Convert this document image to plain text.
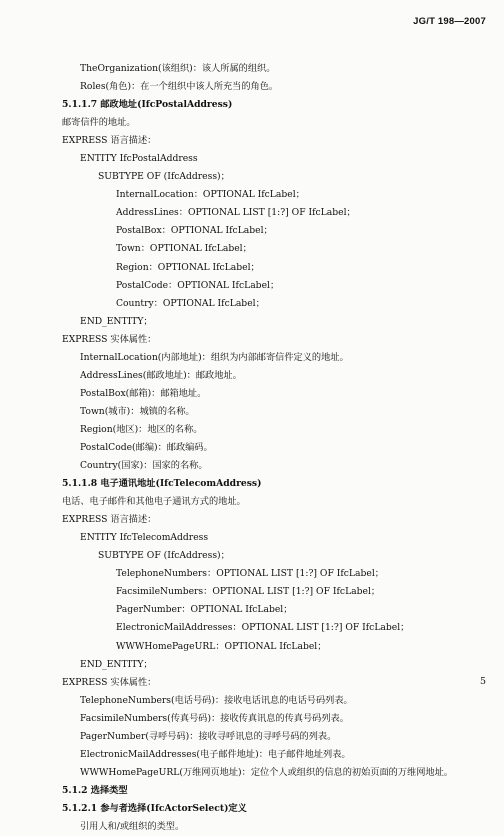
JG/T 198—2007
TheOrganization(该组织)：该人所属的组织。
Roles(角色)：在一个组织中该人所充当的角色。
5.1.1.7 邮政地址(IfcPostalAddress)
邮寄信件的地址。
EXPRESS 语言描述：
ENTITY IfcPostalAddress
SUBTYPE OF (IfcAddress)；
InternalLocation：OPTIONAL IfcLabel；
AddressLines：OPTIONAL LIST [1:?] OF IfcLabel；
PostalBox：OPTIONAL IfcLabel；
Town：OPTIONAL IfcLabel；
Region：OPTIONAL IfcLabel；
PostalCode：OPTIONAL IfcLabel；
Country：OPTIONAL IfcLabel；
END_ENTITY；
EXPRESS 实体属性：
InternalLocation(内部地址)：组织为内部邮寄信件定义的地址。
AddressLines(邮政地址)：邮政地址。
PostalBox(邮箱)：邮箱地址。
Town(城市)：城镇的名称。
Region(地区)：地区的名称。
PostalCode(邮编)：邮政编码。
Country(国家)：国家的名称。
5.1.1.8 电子通讯地址(IfcTelecomAddress)
电话、电子邮件和其他电子通讯方式的地址。
EXPRESS 语言描述：
ENTITY IfcTelecomAddress
SUBTYPE OF (IfcAddress)；
TelephoneNumbers：OPTIONAL LIST [1:?] OF IfcLabel；
FacsimileNumbers：OPTIONAL LIST [1:?] OF IfcLabel；
PagerNumber：OPTIONAL IfcLabel；
ElectronicMailAddresses：OPTIONAL LIST [1:?] OF IfcLabel；
WWWHomePageURL：OPTIONAL IfcLabel；
END_ENTITY；
EXPRESS 实体属性：
TelephoneNumbers(电话号码)：接收电话讯息的电话号码列表。
FacsimileNumbers(传真号码)：接收传真讯息的传真号码列表。
PagerNumber(寻呼号码)：接收寻呼讯息的寻呼号码的列表。
ElectronicMailAddresses(电子邮件地址)：电子邮件地址列表。
WWWHomePageURL(万维网页地址)：定位个人或组织的信息的初始页面的万维网地址。
5.1.2 选择类型
5.1.2.1 参与者选择(IfcActorSelect)定义
引用人和/或组织的类型。
5
